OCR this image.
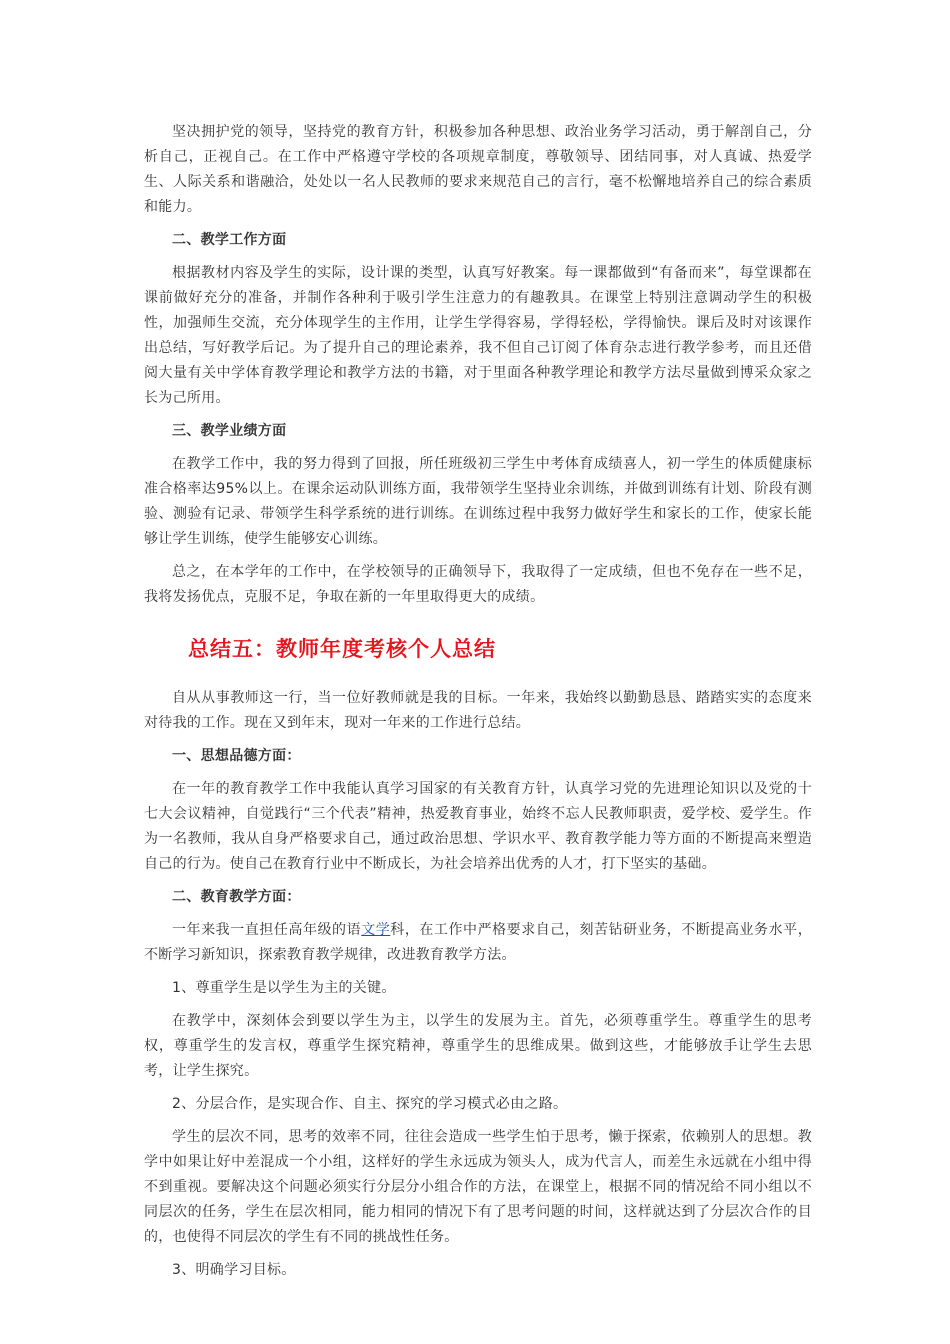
坚决拥护党的领导，坚持党的教育方针，积极参加各种思想、政治业务学习活动，勇于解剖自己，分析自己，正视自己。在工作中严格遵守学校的各项规章制度，尊敬领导、团结同事，对人真诚、热爱学生、人际关系和谐融洽，处处以一名人民教师的要求来规范自己的言行，毫不松懈地培养自己的综合素质和能力。

二、教学工作方面

根据教材内容及学生的实际，设计课的类型，认真写好教案。每一课都做到“有备而来”，每堂课都在课前做好充分的准备，并制作各种利于吸引学生注意力的有趣教具。在课堂上特别注意调动学生的积极性，加强师生交流，充分体现学生的主作用，让学生学得容易，学得轻松，学得愉快。课后及时对该课作出总结，写好教学后记。为了提升自己的理论素养，我不但自己订阅了体育杂志进行教学参考，而且还借阅大量有关中学体育教学理论和教学方法的书籍，对于里面各种教学理论和教学方法尽量做到博采众家之长为己所用。

三、教学业绩方面

在教学工作中，我的努力得到了回报，所任班级初三学生中考体育成绩喜人，初一学生的体质健康标准合格率达95%以上。在课余运动队训练方面，我带领学生坚持业余训练，并做到训练有计划、阶段有测验、测验有记录、带领学生科学系统的进行训练。在训练过程中我努力做好学生和家长的工作，使家长能够让学生训练，使学生能够安心训练。

总之，在本学年的工作中，在学校领导的正确领导下，我取得了一定成绩，但也不免存在一些不足，我将发扬优点，克服不足，争取在新的一年里取得更大的成绩。

总结五：教师年度考核个人总结

自从从事教师这一行，当一位好教师就是我的目标。一年来，我始终以勤勤恳恳、踏踏实实的态度来对待我的工作。现在又到年末，现对一年来的工作进行总结。

一、思想品德方面：

在一年的教育教学工作中我能认真学习国家的有关教育方针，认真学习党的先进理论知识以及党的十七大会议精神，自觉践行“三个代表”精神，热爱教育事业，始终不忘人民教师职责，爱学校、爱学生。作为一名教师，我从自身严格要求自己，通过政治思想、学识水平、教育教学能力等方面的不断提高来塑造自己的行为。使自己在教育行业中不断成长，为社会培养出优秀的人才，打下坚实的基础。

二、教育教学方面：

一年来我一直担任高年级的语文学科，在工作中严格要求自己，刻苦钻研业务，不断提高业务水平，不断学习新知识，探索教育教学规律，改进教育教学方法。

1、尊重学生是以学生为主的关键。

在教学中，深刻体会到要以学生为主，以学生的发展为主。首先，必须尊重学生。尊重学生的思考权，尊重学生的发言权，尊重学生探究精神，尊重学生的思维成果。做到这些，才能够放手让学生去思考，让学生探究。

2、分层合作，是实现合作、自主、探究的学习模式必由之路。

学生的层次不同，思考的效率不同，往往会造成一些学生怕于思考，懒于探索，依赖别人的思想。教学中如果让好中差混成一个小组，这样好的学生永远成为领头人，成为代言人，而差生永远就在小组中得不到重视。要解决这个问题必须实行分层分小组合作的方法，在课堂上，根据不同的情况给不同小组以不同层次的任务，学生在层次相同，能力相同的情况下有了思考问题的时间，这样就达到了分层次合作的目的，也使得不同层次的学生有不同的挑战性任务。

3、明确学习目标。
